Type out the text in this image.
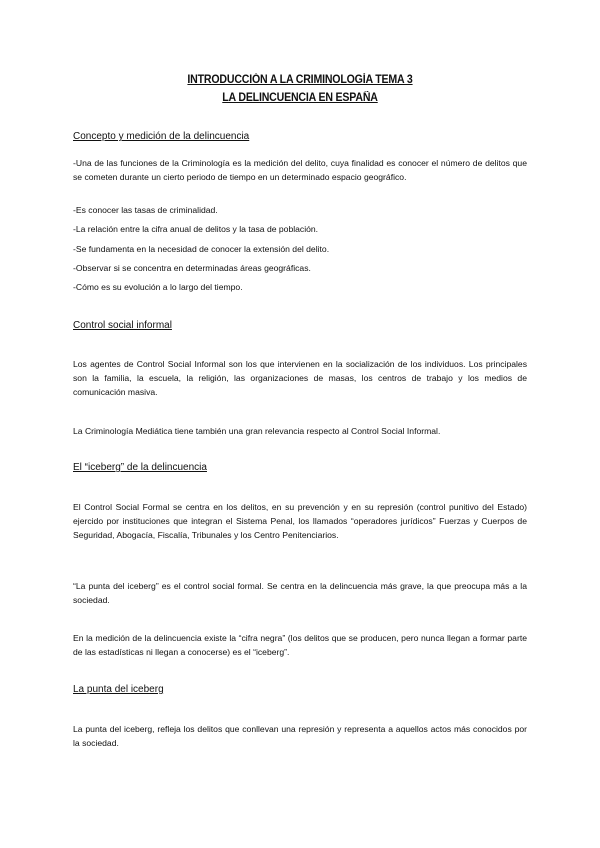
INTRODUCCIÓN A LA CRIMINOLOGÍA TEMA 3
LA DELINCUENCIA EN ESPAÑA
Concepto y medición de la delincuencia

-Una de las funciones de la Criminología es la medición del delito, cuya finalidad es conocer el número de delitos que se cometen durante un cierto periodo de tiempo en un determinado espacio geográfico.

-Es conocer las tasas de criminalidad.

-La relación entre la cifra anual de delitos y la tasa de población.

-Se fundamenta en la necesidad de conocer la extensión del delito.

-Observar si se concentra en determinadas áreas geográficas.

-Cómo es su evolución a lo largo del tiempo.

Control social informal

Los agentes de Control Social Informal son los que intervienen en la socialización de los individuos. Los principales son la familia, la escuela, la religión, las organizaciones de masas, los centros de trabajo y los medios de comunicación masiva.

La Criminología Mediática tiene también una gran relevancia respecto al Control Social Informal.

El “iceberg” de la delincuencia

El Control Social Formal se centra en los delitos, en su prevención y en su represión (control punitivo del Estado) ejercido por instituciones que integran el Sistema Penal, los llamados “operadores jurídicos” Fuerzas y Cuerpos de Seguridad, Abogacía, Fiscalía, Tribunales y los Centro Penitenciarios.

“La punta del iceberg” es el control social formal. Se centra en la delincuencia más grave, la que preocupa más a la sociedad.

En la medición de la delincuencia existe la “cifra negra” (los delitos que se producen, pero nunca llegan a formar parte de las estadísticas ni llegan a conocerse) es el “iceberg”.

La punta del iceberg

La punta del iceberg, refleja los delitos que conllevan una represión y representa a aquellos actos más conocidos por la sociedad.
